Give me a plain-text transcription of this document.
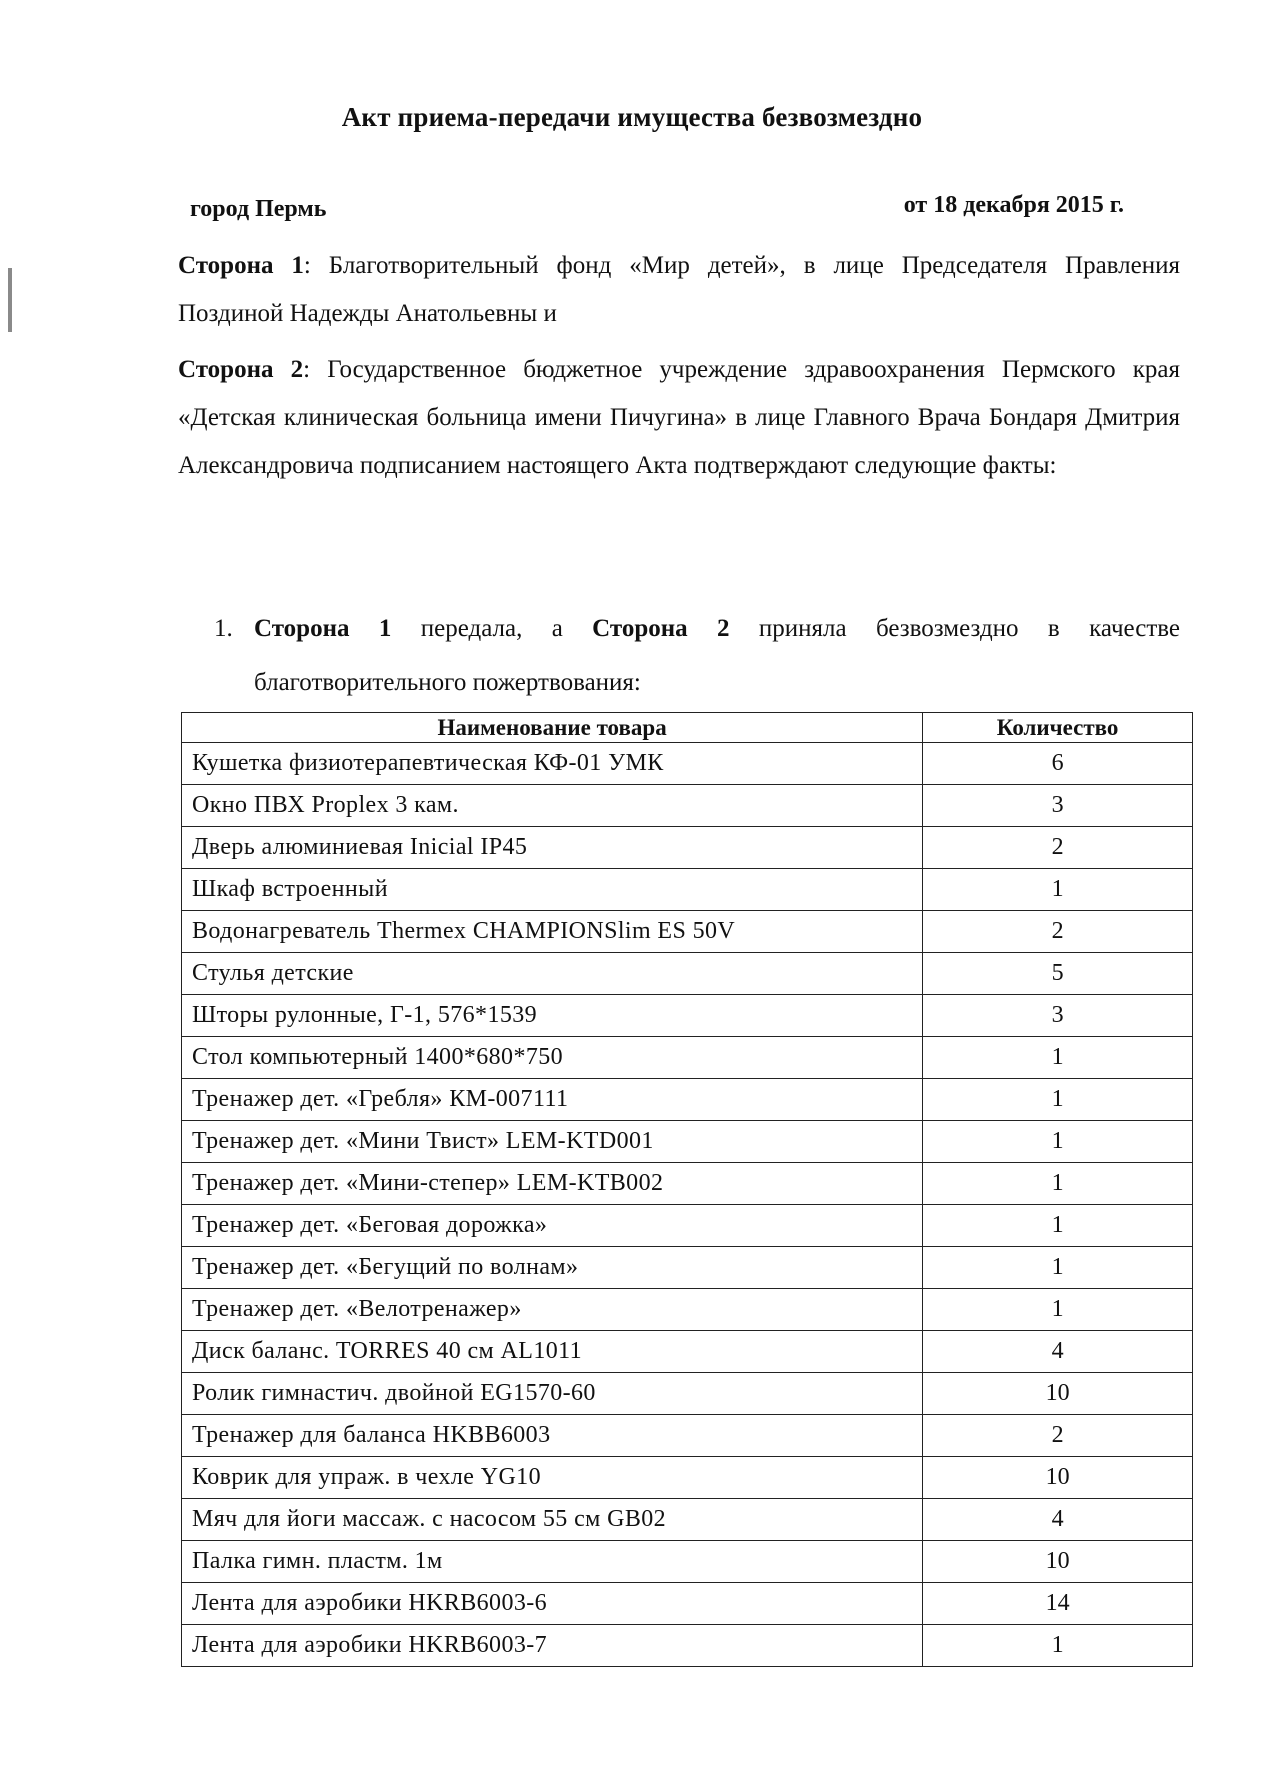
Акт приема-передачи имущества безвозмездно
город Пермь	от 18 декабря 2015 г.
Сторона 1: Благотворительный фонд «Мир детей», в лице Председателя Правления Поздиной Надежды Анатольевны и
Сторона 2: Государственное бюджетное учреждение здравоохранения Пермского края «Детская клиническая больница имени Пичугина» в лице Главного Врача Бондаря Дмитрия Александровича подписанием настоящего Акта подтверждают следующие факты:
1. Сторона 1 передала, а Сторона 2 приняла безвозмездно в качестве благотворительного пожертвования:
Наименование товара	Количество
Кушетка физиотерапевтическая КФ-01 УМК	6
Окно ПВХ Proplex 3 кам.	3
Дверь алюминиевая Inicial IP45	2
Шкаф встроенный	1
Водонагреватель Thermex CHAMPIONSlim ES 50V	2
Стулья детские	5
Шторы рулонные, Г-1, 576*1539	3
Стол компьютерный 1400*680*750	1
Тренажер дет. «Гребля» КМ-007111	1
Тренажер дет. «Мини Твист» LEM-KTD001	1
Тренажер дет. «Мини-степер» LEM-KTB002	1
Тренажер дет. «Беговая дорожка»	1
Тренажер дет. «Бегущий по волнам»	1
Тренажер дет. «Велотренажер»	1
Диск баланс. TORRES 40 см AL1011	4
Ролик гимнастич. двойной EG1570-60	10
Тренажер для баланса HKBB6003	2
Коврик для упраж. в чехле YG10	10
Мяч для йоги массаж. с насосом 55 см GB02	4
Палка гимн. пластм. 1м	10
Лента для аэробики HKRB6003-6	14
Лента для аэробики HKRB6003-7	1
